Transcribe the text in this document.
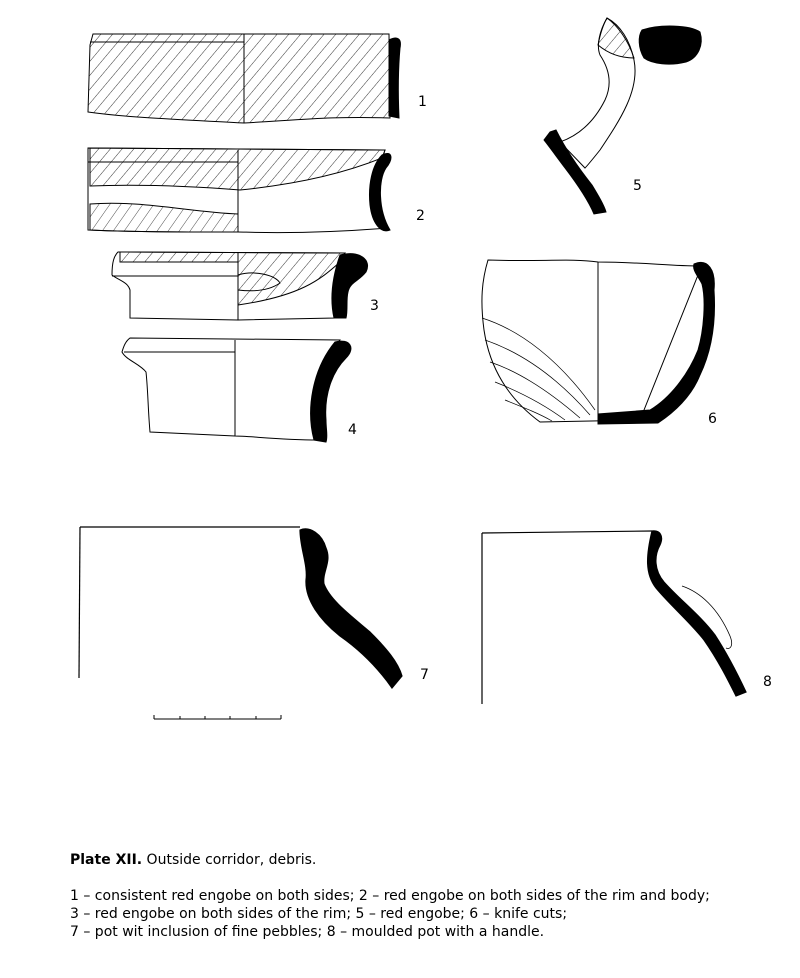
1
2
3
4
5
6
7	8
Plate XII. Outside corridor, debris.
1 – consistent red engobe on both sides; 2 – red engobe on both sides of the rim and body;
3 – red engobe on both sides of the rim; 5 – red engobe; 6 – knife cuts;
7 – pot wit inclusion of fine pebbles; 8 – moulded pot with a handle.
